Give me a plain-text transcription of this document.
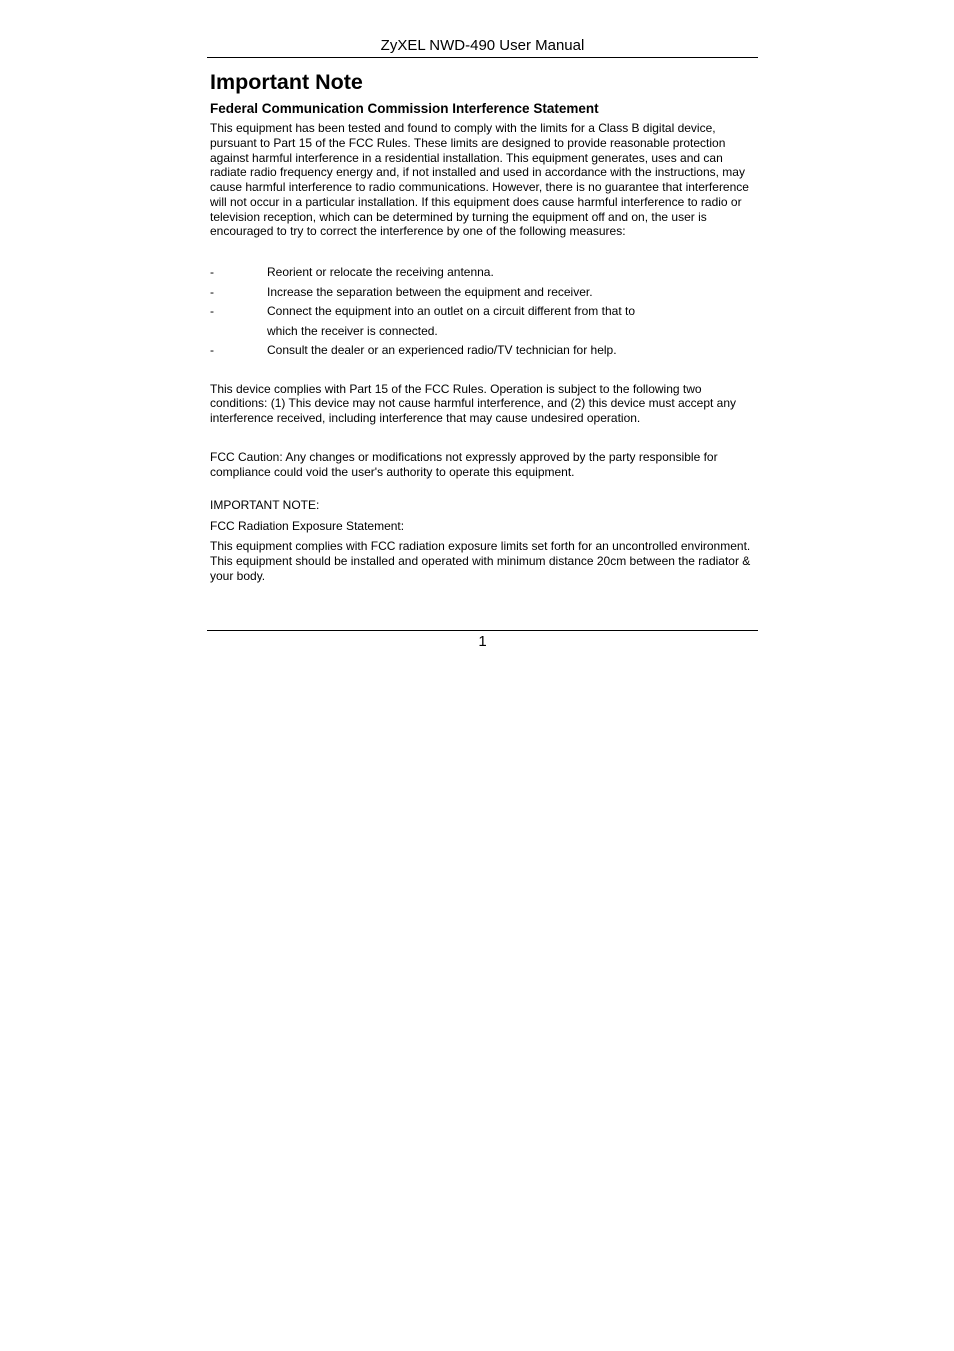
ZyXEL NWD-490 User Manual
Important Note
Federal Communication Commission Interference Statement

This equipment has been tested and found to comply with the limits for a Class B digital device, pursuant to Part 15 of the FCC Rules. These limits are designed to provide reasonable protection against harmful interference in a residential installation. This equipment generates, uses and can radiate radio frequency energy and, if not installed and used in accordance with the instructions, may cause harmful interference to radio communications. However, there is no guarantee that interference will not occur in a particular installation. If this equipment does cause harmful interference to radio or television reception, which can be determined by turning the equipment off and on, the user is encouraged to try to correct the interference by one of the following measures:

-	Reorient or relocate the receiving antenna.
-	Increase the separation between the equipment and receiver.
-	Connect the equipment into an outlet on a circuit different from that to which the receiver is connected.
-	Consult the dealer or an experienced radio/TV technician for help.

This device complies with Part 15 of the FCC Rules. Operation is subject to the following two conditions: (1) This device may not cause harmful interference, and (2) this device must accept any interference received, including interference that may cause undesired operation.

FCC Caution: Any changes or modifications not expressly approved by the party responsible for compliance could void the user's authority to operate this equipment.

IMPORTANT NOTE:

FCC Radiation Exposure Statement:

This equipment complies with FCC radiation exposure limits set forth for an uncontrolled environment. This equipment should be installed and operated with minimum distance 20cm between the radiator & your body.

1
